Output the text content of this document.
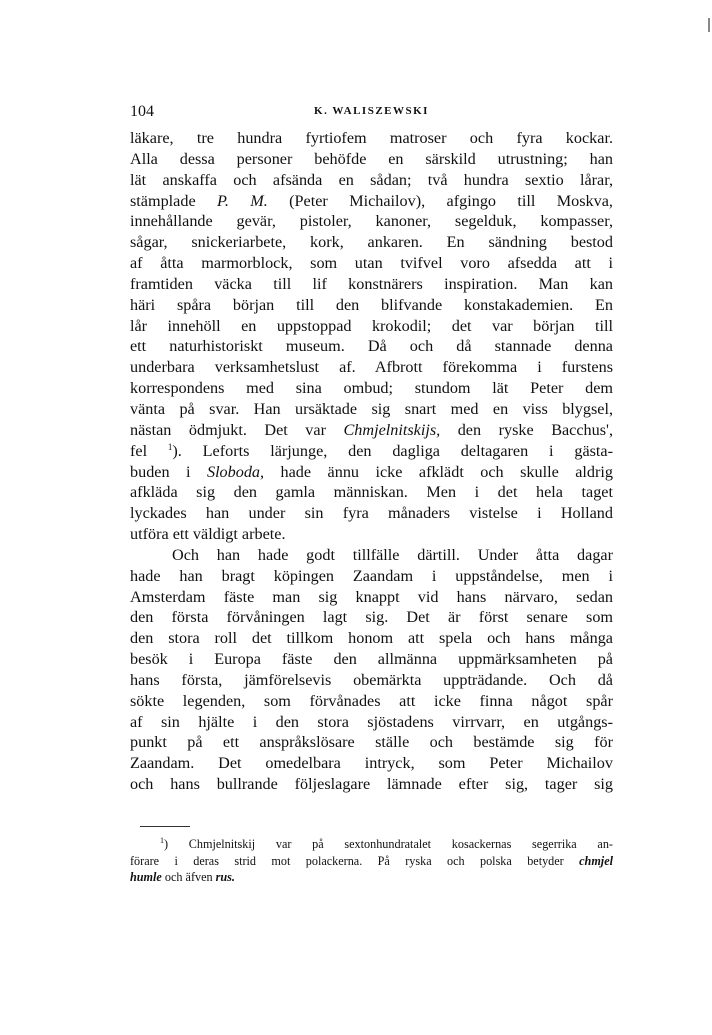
104	K. WALISZEWSKI
läkare, tre hundra fyrtiofem matroser och fyra kockar.
Alla dessa personer behöfde en särskild utrustning; han
lät anskaffa och afsända en sådan; två hundra sextio lårar,
stämplade P. M. (Peter Michailov), afgingo till Moskva,
innehållande gevär, pistoler, kanoner, segelduk, kompasser,
sågar, snickeriarbete, kork, ankaren. En sändning bestod
af åtta marmorblock, som utan tvifvel voro afsedda att i
framtiden väcka till lif konstnärers inspiration. Man kan
häri spåra början till den blifvande konstakademien. En
lår innehöll en uppstoppad krokodil; det var början till
ett naturhistoriskt museum. Då och då stannade denna
underbara verksamhetslust af. Afbrott förekomma i furstens
korrespondens med sina ombud; stundom lät Peter dem
vänta på svar. Han ursäktade sig snart med en viss blygsel,
nästan ödmjukt. Det var Chmjelnitskijs, den ryske Bacchus',
fel $^1$). Leforts lärjunge, den dagliga deltagaren i gästa-
buden i Sloboda, hade ännu icke afklädt och skulle aldrig
afkläda sig den gamla människan. Men i det hela taget
lyckades han under sin fyra månaders vistelse i Holland
utföra ett väldigt arbete.
Och han hade godt tillfälle därtill. Under åtta dagar
hade han bragt köpingen Zaandam i uppståndelse, men i
Amsterdam fäste man sig knappt vid hans närvaro, sedan
den första förvåningen lagt sig. Det är först senare som
den stora roll det tillkom honom att spela och hans många
besök i Europa fäste den allmänna uppmärksamheten på
hans första, jämförelsevis obemärkta uppträdande. Och då
sökte legenden, som förvånades att icke finna något spår
af sin hjälte i den stora sjöstadens virrvarr, en utgångs-
punkt på ett anspråkslösare ställe och bestämde sig för
Zaandam. Det omedelbara intryck, som Peter Michailov
och hans bullrande följeslagare lämnade efter sig, tager sig
$^1$) Chmjelnitskij var på sextonhundratalet kosackernas segerrika an-
förare i deras strid mot polackerna. På ryska och polska betyder chmjel
humle och äfven rus.
